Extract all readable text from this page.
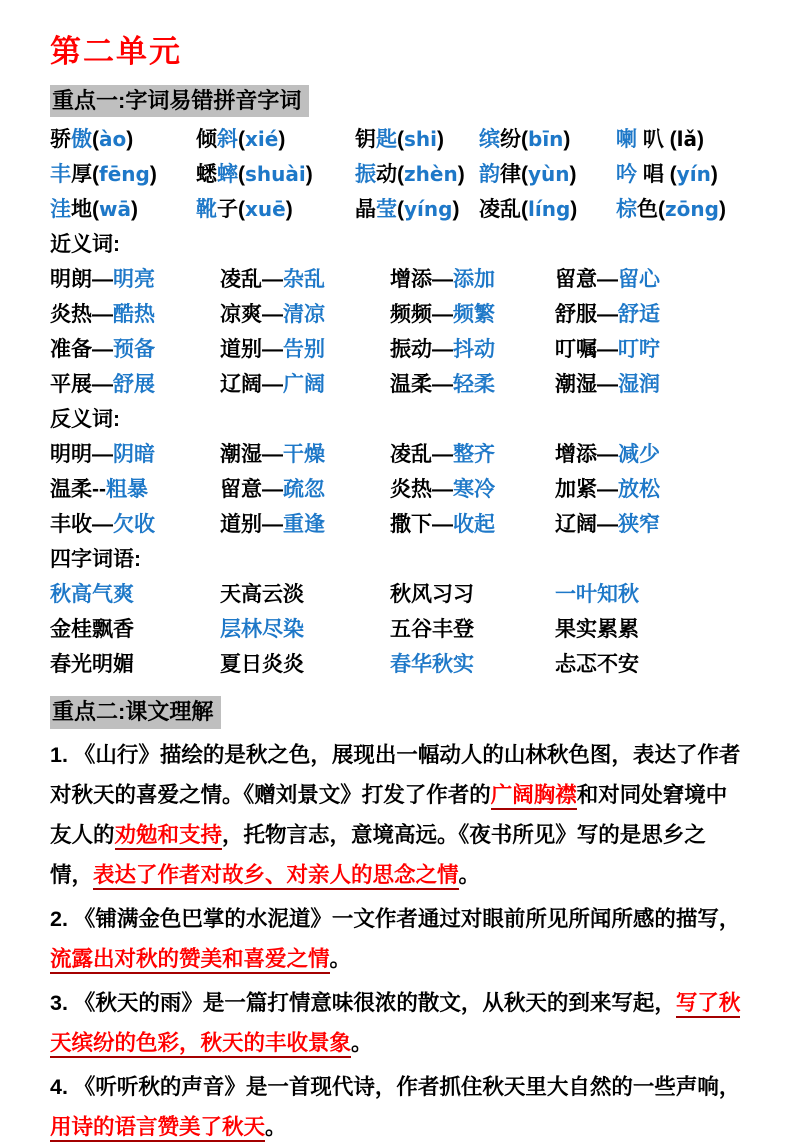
第二单元
重点一:字词易错拼音字词
骄傲(ào)	倾斜(xié)	钥匙(shi)	缤纷(bīn)	喇 叭 (lǎ)
丰厚(fēng)	蟋蟀(shuài)	振动(zhèn) 韵律(yùn)	吟 唱 (yín)
洼地(wā)	靴子(xuē)	晶莹(yíng) 凌乱(líng)	棕色(zōng)
近义词:
明朗—明亮	凌乱—杂乱	增添—添加	留意—留心
炎热—酷热	凉爽—清凉	频频—频繁	舒服—舒适
准备—预备	道别—告别	振动—抖动	叮嘱—叮咛
平展—舒展	辽阔—广阔	温柔—轻柔	潮湿—湿润
反义词:
明明—阴暗	潮湿—干燥	凌乱—整齐	增添—减少
温柔--粗暴	留意—疏忽	炎热—寒冷	加紧—放松
丰收—欠收	道别—重逢	撒下—收起	辽阔—狭窄
四字词语:
秋高气爽	天高云淡	秋风习习	一叶知秋
金桂飘香	层林尽染	五谷丰登	果实累累
春光明媚	夏日炎炎	春华秋实	忐忑不安
重点二:课文理解

1. 《山行》描绘的是秋之色，展现出一幅动人的山林秋色图，表达了作者对秋天的喜爱之情。《赠刘景文》打发了作者的广阔胸襟和对同处窘境中友人的劝勉和支持，托物言志，意境高远。《夜书所见》写的是思乡之情，表达了作者对故乡、对亲人的思念之情。

2. 《铺满金色巴掌的水泥道》一文作者通过对眼前所见所闻所感的描写，流露出对秋的赞美和喜爱之情。

3. 《秋天的雨》是一篇打情意味很浓的散文，从秋天的到来写起，写了秋天缤纷的色彩，秋天的丰收景象。

4. 《听听秋的声音》是一首现代诗，作者抓住秋天里大自然的一些声响，用诗的语言赞美了秋天。
